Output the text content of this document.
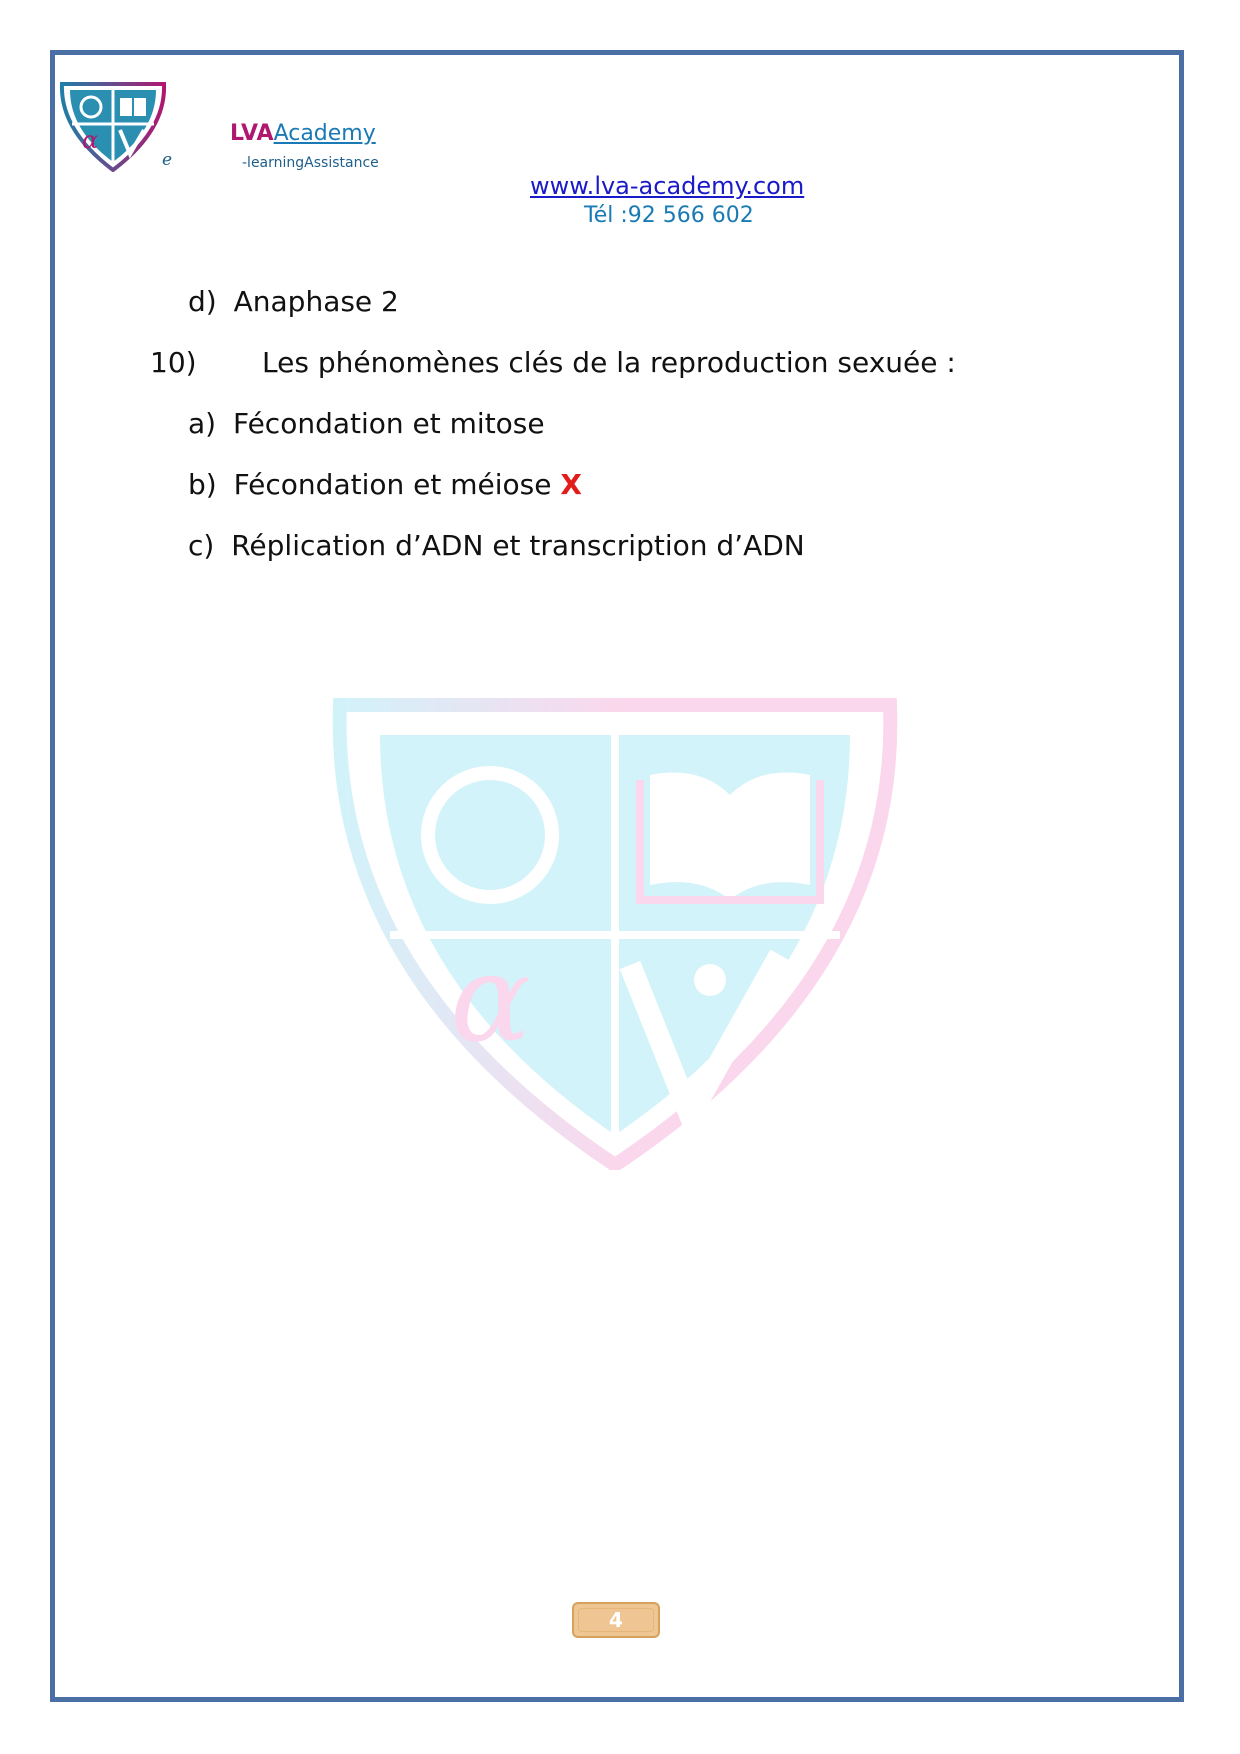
α
e
LVAAcademy
-learningAssistance
www.lva-academy.com
Tél :92 566 602
α
d) Anaphase 2
10) Les phénomènes clés de la reproduction sexuée :
a) Fécondation et mitose
b) Fécondation et méiose X
c) Réplication d’ADN et transcription d’ADN
4
